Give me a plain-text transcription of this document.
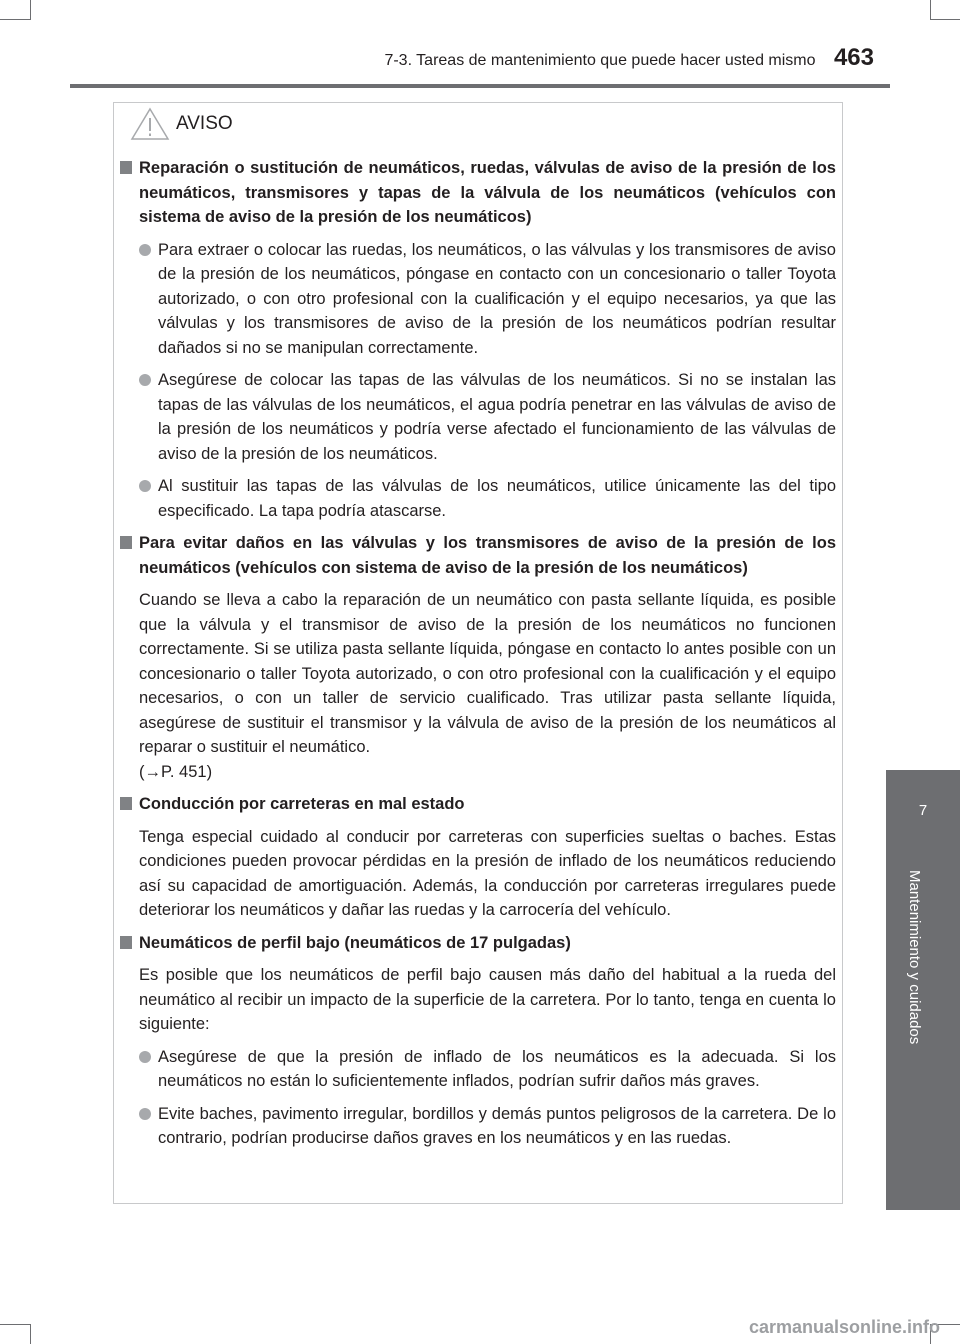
7-3. Tareas de mantenimiento que puede hacer usted mismo 463
7
Mantenimiento y cuidados
AVISO
Reparación o sustitución de neumáticos, ruedas, válvulas de aviso de la presión de los neumáticos, transmisores y tapas de la válvula de los neumáticos (vehículos con sistema de aviso de la presión de los neumáticos)
Para extraer o colocar las ruedas, los neumáticos, o las válvulas y los transmisores de aviso de la presión de los neumáticos, póngase en contacto con un concesionario o taller Toyota autorizado, o con otro profesional con la cualificación y el equipo necesarios, ya que las válvulas y los transmisores de aviso de la presión de los neumáticos podrían resultar dañados si no se manipulan correctamente.
Asegúrese de colocar las tapas de las válvulas de los neumáticos. Si no se instalan las tapas de las válvulas de los neumáticos, el agua podría penetrar en las válvulas de aviso de la presión de los neumáticos y podría verse afectado el funcionamiento de las válvulas de aviso de la presión de los neumáticos.
Al sustituir las tapas de las válvulas de los neumáticos, utilice únicamente las del tipo especificado. La tapa podría atascarse.
Para evitar daños en las válvulas y los transmisores de aviso de la presión de los neumáticos (vehículos con sistema de aviso de la presión de los neumáticos)
Cuando se lleva a cabo la reparación de un neumático con pasta sellante líquida, es posible que la válvula y el transmisor de aviso de la presión de los neumáticos no funcionen correctamente. Si se utiliza pasta sellante líquida, póngase en contacto lo antes posible con un concesionario o taller Toyota autorizado, o con otro profesional con la cualificación y el equipo necesarios, o con un taller de servicio cualificado. Tras utilizar pasta sellante líquida, asegúrese de sustituir el transmisor y la válvula de aviso de la presión de los neumáticos al reparar o sustituir el neumático.
(→P. 451)
Conducción por carreteras en mal estado
Tenga especial cuidado al conducir por carreteras con superficies sueltas o baches. Estas condiciones pueden provocar pérdidas en la presión de inflado de los neumáticos reduciendo así su capacidad de amortiguación. Además, la conducción por carreteras irregulares puede deteriorar los neumáticos y dañar las ruedas y la carrocería del vehículo.
Neumáticos de perfil bajo (neumáticos de 17 pulgadas)
Es posible que los neumáticos de perfil bajo causen más daño del habitual a la rueda del neumático al recibir un impacto de la superficie de la carretera. Por lo tanto, tenga en cuenta lo siguiente:
Asegúrese de que la presión de inflado de los neumáticos es la adecuada. Si los neumáticos no están lo suficientemente inflados, podrían sufrir daños más graves.
Evite baches, pavimento irregular, bordillos y demás puntos peligrosos de la carretera. De lo contrario, podrían producirse daños graves en los neumáticos y en las ruedas.
carmanualsonline.info
